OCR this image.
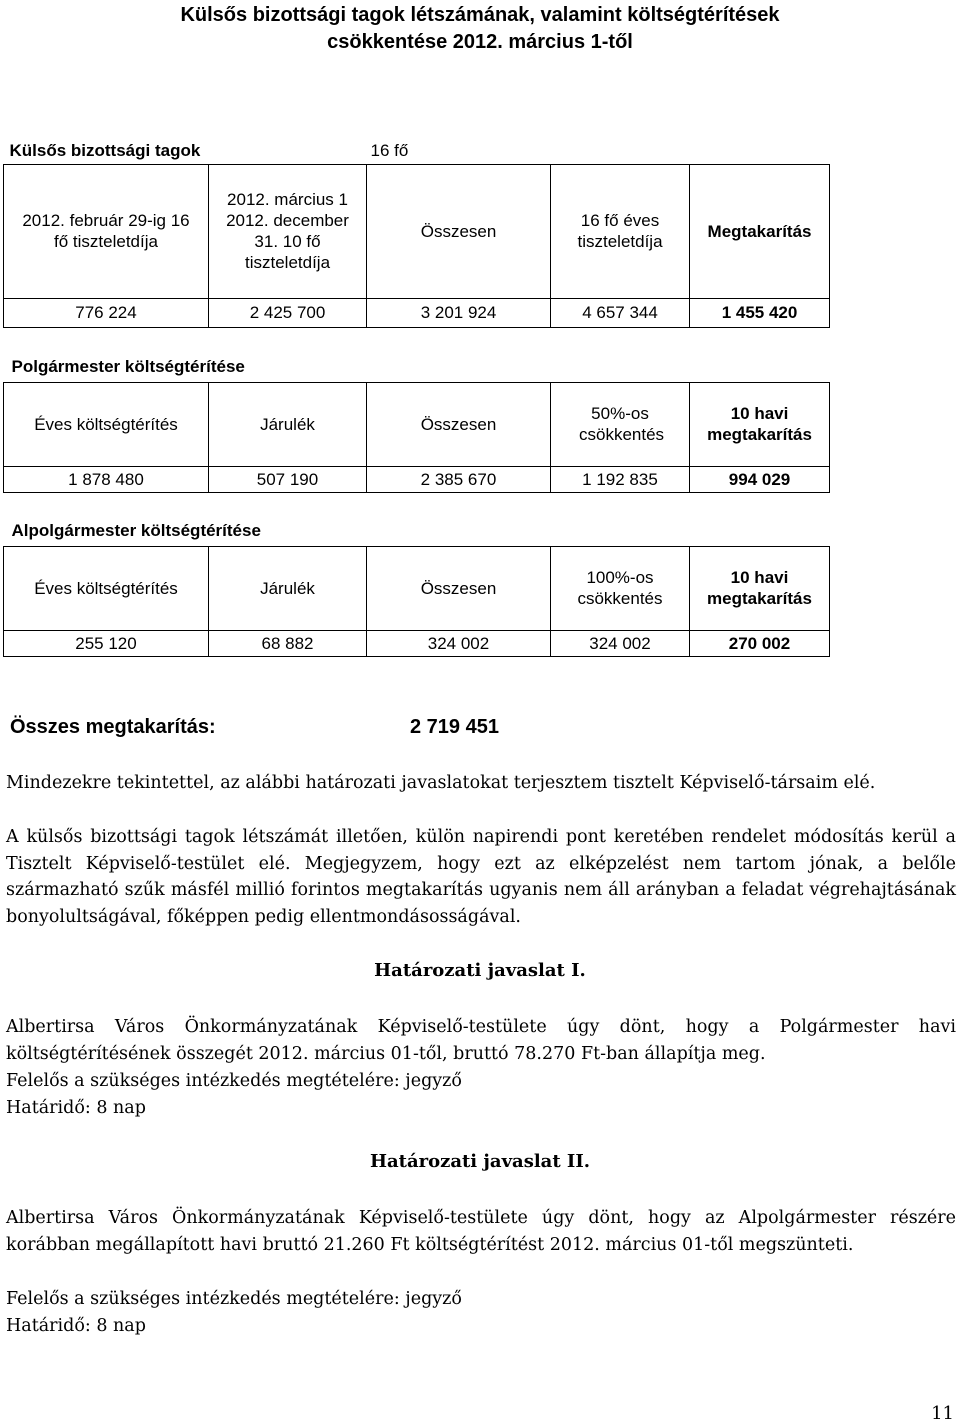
Külsős bizottsági tagok létszámának, valamint költségtérítések
csökkentése 2012. március 1-től
Külsős bizottsági tagok		16 fő		
2012. február 29-ig 16 fő tiszteletdíja	2012. március 1 2012. december 31. 10 fő tiszteletdíja	Összesen	16 fő éves tiszteletdíja	Megtakarítás
776 224	2 425 700	3 201 924	4 657 344	1 455 420
Polgármester költségtérítése				
Éves költségtérítés	Járulék	Összesen	50%-os csökkentés	10 havi megtakarítás
1 878 480	507 190	2 385 670	1 192 835	994 029
Alpolgármester költségtérítése				
Éves költségtérítés	Járulék	Összesen	100%-os csökkentés	10 havi megtakarítás
255 120	68 882	324 002	324 002	270 002
Összes megtakarítás:	2 719 451
Mindezekre tekintettel, az alábbi határozati javaslatokat terjesztem tisztelt Képviselő-társaim elé.
A külsős bizottsági tagok létszámát illetően, külön napirendi pont keretében rendelet módosítás kerül a Tisztelt Képviselő-testület elé. Megjegyzem, hogy ezt az elképzelést nem tartom jónak, a belőle származható szűk másfél millió forintos megtakarítás ugyanis nem áll arányban a feladat végrehajtásának bonyolultságával, főképpen pedig ellentmondásosságával.
Határozati javaslat I.
Albertirsa Város Önkormányzatának Képviselő-testülete úgy dönt, hogy a Polgármester havi költségtérítésének összegét 2012. március 01-től, bruttó 78.270 Ft-ban állapítja meg.
Felelős a szükséges intézkedés megtételére: jegyző
Határidő: 8 nap
Határozati javaslat II.
Albertirsa Város Önkormányzatának Képviselő-testülete úgy dönt, hogy az Alpolgármester részére korábban megállapított havi bruttó 21.260 Ft költségtérítést 2012. március 01-től megszünteti.
Felelős a szükséges intézkedés megtételére: jegyző
Határidő: 8 nap
11
